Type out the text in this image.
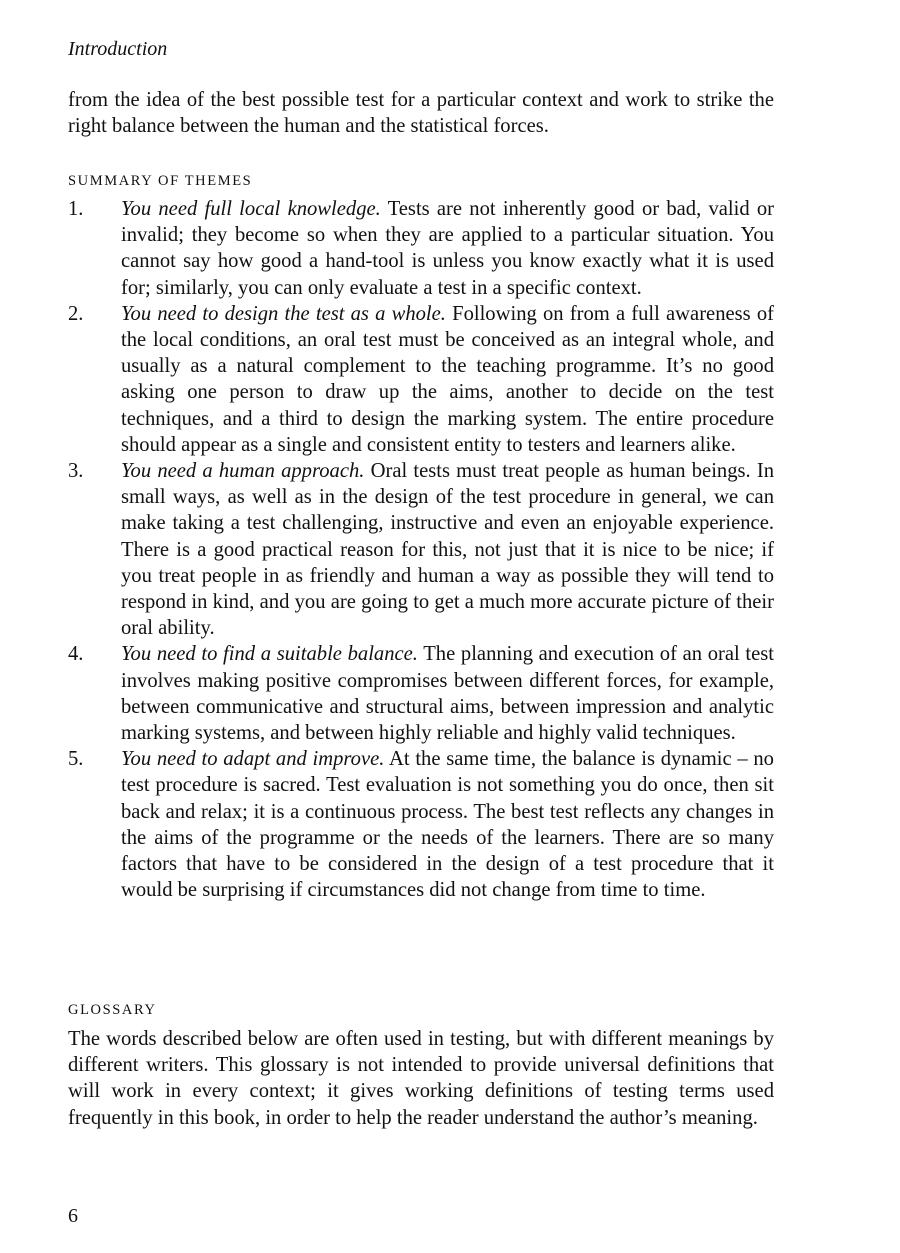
Introduction

from the idea of the best possible test for a particular context and work to strike the right balance between the human and the statistical forces.

SUMMARY OF THEMES
1. You need full local knowledge. Tests are not inherently good or bad, valid or invalid; they become so when they are applied to a particular situation. You cannot say how good a hand-tool is unless you know exactly what it is used for; similarly, you can only evaluate a test in a specific context.
2. You need to design the test as a whole. Following on from a full awareness of the local conditions, an oral test must be conceived as an integral whole, and usually as a natural complement to the teaching programme. It’s no good asking one person to draw up the aims, another to decide on the test techniques, and a third to design the marking system. The entire procedure should appear as a single and consistent entity to testers and learners alike.
3. You need a human approach. Oral tests must treat people as human beings. In small ways, as well as in the design of the test procedure in general, we can make taking a test challenging, instructive and even an enjoyable experience. There is a good practical reason for this, not just that it is nice to be nice; if you treat people in as friendly and human a way as possible they will tend to respond in kind, and you are going to get a much more accurate picture of their oral ability.
4. You need to find a suitable balance. The planning and execution of an oral test involves making positive compromises between different forces, for example, between communicative and structural aims, between impression and analytic marking systems, and between highly reliable and highly valid techniques.
5. You need to adapt and improve. At the same time, the balance is dynamic – no test procedure is sacred. Test evaluation is not something you do once, then sit back and relax; it is a continuous process. The best test reflects any changes in the aims of the programme or the needs of the learners. There are so many factors that have to be considered in the design of a test procedure that it would be surprising if circumstances did not change from time to time.
GLOSSARY

The words described below are often used in testing, but with different meanings by different writers. This glossary is not intended to provide universal definitions that will work in every context; it gives working definitions of testing terms used frequently in this book, in order to help the reader understand the author’s meaning.

6
